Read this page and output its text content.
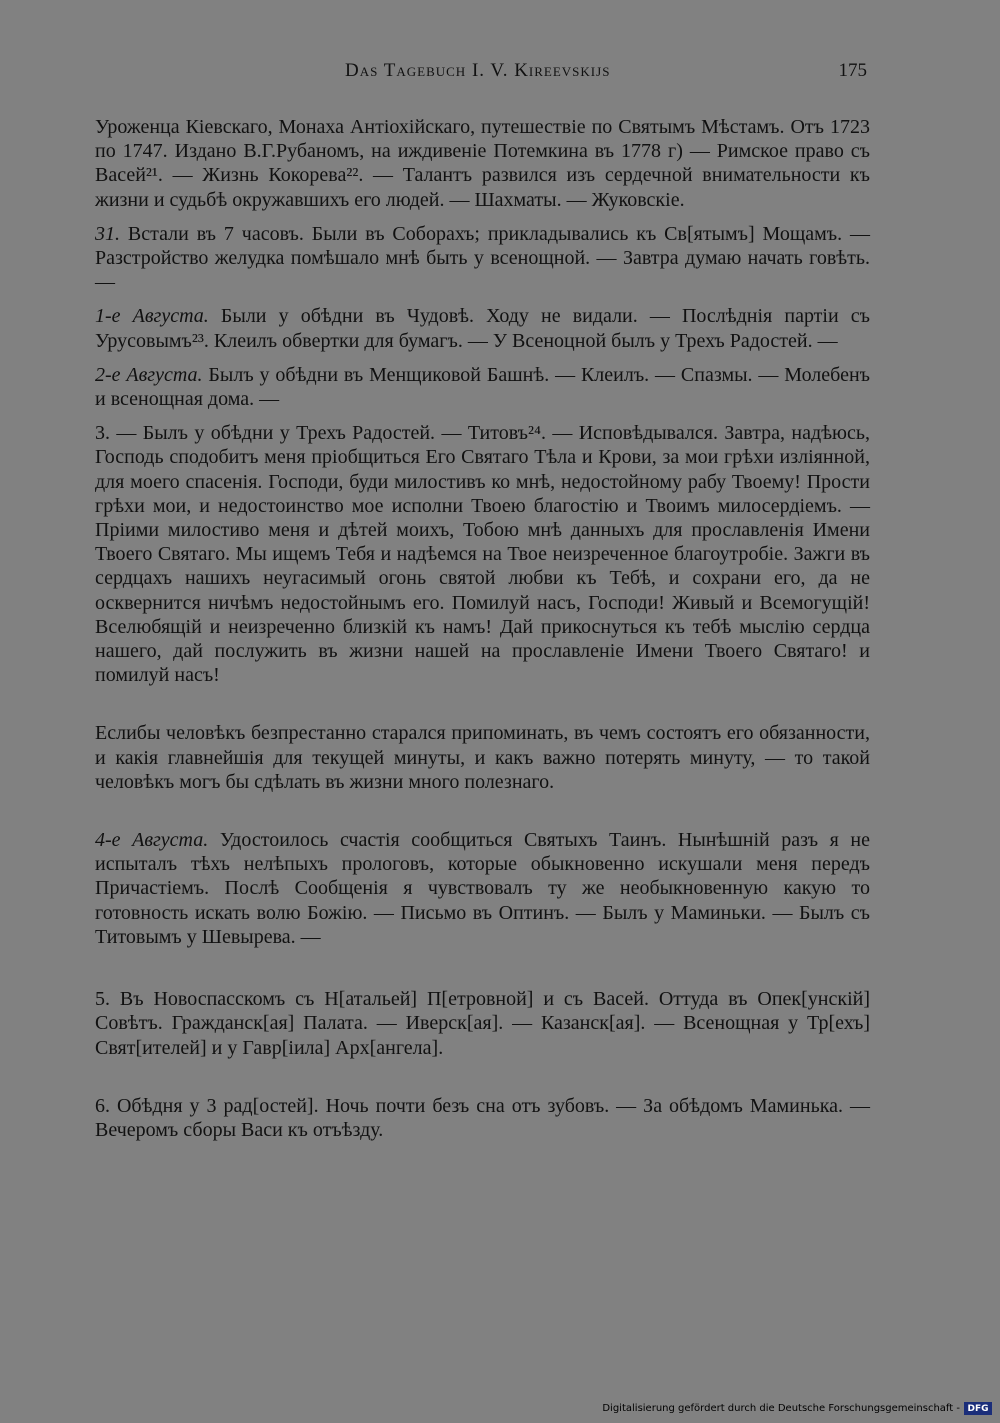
Das Tagebuch I. V. Kireevskijs	175

Уроженца Кіевскаго, Монаха Антіохійскаго, путешествіе по Святымъ Мѣстамъ. Отъ 1723 по 1747. Издано В.Г.Рубаномъ, на иждивеніе Потемкина въ 1778 г) — Римское право съ Васей²¹. — Жизнь Кокорева²². — Талантъ развился изъ сердечной внимательности къ жизни и судьбѣ окружавшихъ его людей. — Шахматы. — Жуковскіе.

31. Встали въ 7 часовъ. Были въ Соборахъ; прикладывались къ Св[ятымъ] Мощамъ. — Разстройство желудка помѣшало мнѣ быть у всенощной. — Завтра думаю начать говѣть. —

1-е Августа. Были у обѣдни въ Чудовѣ. Ходу не видали. — Послѣднія партіи съ Урусовымъ²³. Клеилъ обвертки для бумагъ. — У Всеноцной былъ у Трехъ Радостей. —

2-е Августа. Былъ у обѣдни въ Менщиковой Башнѣ. — Клеилъ. — Спазмы. — Молебенъ и всенощная дома. —

3. — Былъ у обѣдни у Трехъ Радостей. — Титовъ²⁴. — Исповѣдывался. Завтра, надѣюсь, Господь сподобитъ меня пріобщиться Его Святаго Тѣла и Крови, за мои грѣхи изліянной, для моего спасенія. Господи, буди милостивъ ко мнѣ, недостойному рабу Твоему! Прости грѣхи мои, и недостоинство мое исполни Твоею благостію и Твоимъ милосердіемъ. — Пріими милостиво меня и дѣтей моихъ, Тобою мнѣ данныхъ для прославленія Имени Твоего Святаго. Мы ищемъ Тебя и надѣемся на Твое неизреченное благоутробіе. Зажги въ сердцахъ нашихъ неугасимый огонь святой любви къ Тебѣ, и сохрани его, да не осквернится ничѣмъ недостойнымъ его. Помилуй насъ, Господи! Живый и Всемогущій! Вселюбящій и неизреченно близкій къ намъ! Дай прикоснуться къ тебѣ мыслію сердца нашего, дай послужить въ жизни нашей на прославленіе Имени Твоего Святаго! и помилуй насъ!

Еслибы человѣкъ безпрестанно старался припоминать, въ чемъ состоятъ его обязанности, и какія главнейшія для текущей минуты, и какъ важно потерять минуту, — то такой человѣкъ могъ бы сдѣлать въ жизни много полезнаго.

4-е Августа. Удостоилось счастія сообщиться Святыхъ Таинъ. Нынѣшній разъ я не испыталъ тѣхъ нелѣпыхъ прологовъ, которые обыкновенно искушали меня передъ Причастіемъ. Послѣ Сообщенія я чувствовалъ ту же необыкновенную какую то готовность искать волю Божію. — Письмо въ Оптинъ. — Былъ у Маминьки. — Былъ съ Титовымъ у Шевырева. —

5. Въ Новоспасскомъ съ Н[атальей] П[етровной] и съ Васей. Оттуда въ Опек[унскій] Совѣтъ. Гражданск[ая] Палата. — Иверск[ая]. — Казанск[ая]. — Всенощная у Тр[ехъ] Свят[ителей] и у Гавр[іила] Арх[ангела].

6. Обѣдня у 3 рад[остей]. Ночь почти безъ сна отъ зубовъ. — За обѣдомъ Маминька. — Вечеромъ сборы Васи къ отъѣзду.

Digitalisierung gefördert durch die Deutsche Forschungsgemeinschaft - DFG
